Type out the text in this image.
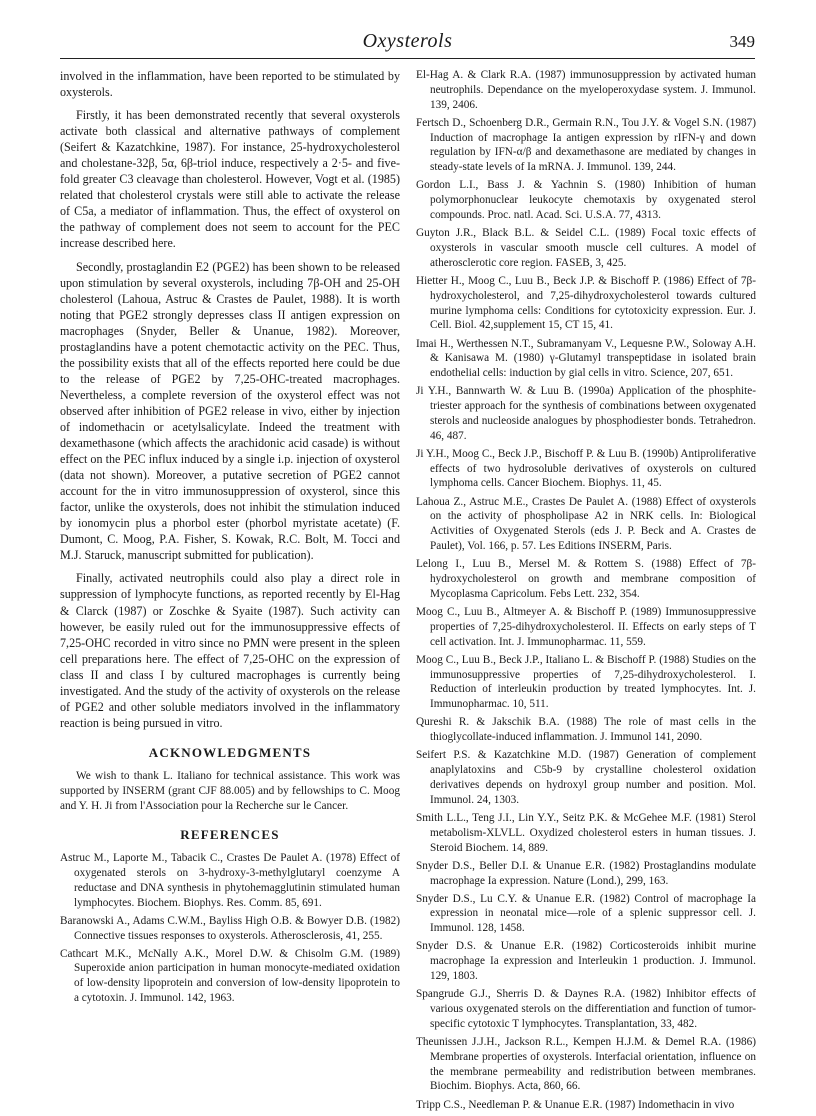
Oxysterols	349

involved in the inflammation, have been reported to be stimulated by oxysterols.

Firstly, it has been demonstrated recently that several oxysterols activate both classical and alternative pathways of complement (Seifert & Kazatchkine, 1987). For instance, 25-hydroxycholesterol and cholestane-32β, 5α, 6β-triol induce, respectively a 2·5- and five-fold greater C3 cleavage than cholesterol. However, Vogt et al. (1985) related that cholesterol crystals were still able to activate the release of C5a, a mediator of inflammation. Thus, the effect of oxysterol on the pathway of complement does not seem to account for the PEC increase described here.

Secondly, prostaglandin E2 (PGE2) has been shown to be released upon stimulation by several oxysterols, including 7β-OH and 25-OH cholesterol (Lahoua, Astruc & Crastes de Paulet, 1988). It is worth noting that PGE2 strongly depresses class II antigen expression on macrophages (Snyder, Beller & Unanue, 1982). Moreover, prostaglandins have a potent chemotactic activity on the PEC. Thus, the possibility exists that all of the effects reported here could be due to the release of PGE2 by 7,25-OHC-treated macrophages. Nevertheless, a complete reversion of the oxysterol effect was not observed after inhibition of PGE2 release in vivo, either by injection of indomethacin or acetylsalicylate. Indeed the treatment with dexamethasone (which affects the arachidonic acid casade) is without effect on the PEC influx induced by a single i.p. injection of oxysterol (data not shown). Moreover, a putative secretion of PGE2 cannot account for the in vitro immunosuppression of oxysterol, since this factor, unlike the oxysterols, does not inhibit the stimulation induced by ionomycin plus a phorbol ester (phorbol myristate acetate) (F. Dumont, C. Moog, P.A. Fisher, S. Kowak, R.C. Bolt, M. Tocci and M.J. Staruck, manuscript submitted for publication).

Finally, activated neutrophils could also play a direct role in suppression of lymphocyte functions, as reported recently by El-Hag & Clarck (1987) or Zoschke & Syaite (1987). Such activity can however, be easily ruled out for the immunosuppressive effects of 7,25-OHC recorded in vitro since no PMN were present in the spleen cell preparations here. The effect of 7,25-OHC on the expression of class II and class I by cultured macrophages is currently being investigated. And the study of the activity of oxysterols on the release of PGE2 and other soluble mediators involved in the inflammatory reaction is being pursued in vitro.

ACKNOWLEDGMENTS
We wish to thank L. Italiano for technical assistance. This work was supported by INSERM (grant CJF 88.005) and by fellowships to C. Moog and Y. H. Ji from l'Association pour la Recherche sur le Cancer.
REFERENCES
Astruc M., Laporte M., Tabacik C., Crastes De Paulet A. (1978) Effect of oxygenated sterols on 3-hydroxy-3-methylglutaryl coenzyme A reductase and DNA synthesis in phytohemagglutinin stimulated human lymphocytes. Biochem. Biophys. Res. Comm. 85, 691.
Baranowski A., Adams C.W.M., Bayliss High O.B. & Bowyer D.B. (1982) Connective tissues responses to oxysterols. Atherosclerosis, 41, 255.
Cathcart M.K., McNally A.K., Morel D.W. & Chisolm G.M. (1989) Superoxide anion participation in human monocyte-mediated oxidation of low-density lipoprotein and conversion of low-density lipoprotein to a cytotoxin. J. Immunol. 142, 1963.
El-Hag A. & Clark R.A. (1987) immunosuppression by activated human neutrophils. Dependance on the myeloperoxydase system. J. Immunol. 139, 2406.
Fertsch D., Schoenberg D.R., Germain R.N., Tou J.Y. & Vogel S.N. (1987) Induction of macrophage Ia antigen expression by rIFN-γ and down regulation by IFN-α/β and dexamethasone are mediated by changes in steady-state levels of Ia mRNA. J. Immunol. 139, 244.
Gordon L.I., Bass J. & Yachnin S. (1980) Inhibition of human polymorphonuclear leukocyte chemotaxis by oxygenated sterol compounds. Proc. natl. Acad. Sci. U.S.A. 77, 4313.
Guyton J.R., Black B.L. & Seidel C.L. (1989) Focal toxic effects of oxysterols in vascular smooth muscle cell cultures. A model of atherosclerotic core region. FASEB, 3, 425.
Hietter H., Moog C., Luu B., Beck J.P. & Bischoff P. (1986) Effect of 7β-hydroxycholesterol, and 7,25-dihydroxycholesterol towards cultured murine lymphoma cells: Conditions for cytotoxicity expression. Eur. J. Cell. Biol. 42,supplement 15, CT 15, 41.
Imai H., Werthessen N.T., Subramanyam V., Lequesne P.W., Soloway A.H. & Kanisawa M. (1980) γ-Glutamyl transpeptidase in isolated brain endothelial cells: induction by gial cells in vitro. Science, 207, 651.
Ji Y.H., Bannwarth W. & Luu B. (1990a) Application of the phosphite-triester approach for the synthesis of combinations between oxygenated sterols and nucleoside analogues by phosphodiester bonds. Tetrahedron. 46, 487.
Ji Y.H., Moog C., Beck J.P., Bischoff P. & Luu B. (1990b) Antiproliferative effects of two hydrosoluble derivatives of oxysterols on cultured lymphoma cells. Cancer Biochem. Biophys. 11, 45.
Lahoua Z., Astruc M.E., Crastes De Paulet A. (1988) Effect of oxysterols on the activity of phospholipase A2 in NRK cells. In: Biological Activities of Oxygenated Sterols (eds J. P. Beck and A. Crastes de Paulet), Vol. 166, p. 57. Les Editions INSERM, Paris.
Lelong I., Luu B., Mersel M. & Rottem S. (1988) Effect of 7β-hydroxycholesterol on growth and membrane composition of Mycoplasma Capricolum. Febs Lett. 232, 354.
Moog C., Luu B., Altmeyer A. & Bischoff P. (1989) Immunosuppressive properties of 7,25-dihydroxycholesterol. II. Effects on early steps of T cell activation. Int. J. Immunopharmac. 11, 559.
Moog C., Luu B., Beck J.P., Italiano L. & Bischoff P. (1988) Studies on the immunosuppressive properties of 7,25-dihydroxycholesterol. I. Reduction of interleukin production by treated lymphocytes. Int. J. Immunopharmac. 10, 511.
Qureshi R. & Jakschik B.A. (1988) The role of mast cells in the thioglycollate-induced inflammation. J. Immunol 141, 2090.
Seifert P.S. & Kazatchkine M.D. (1987) Generation of complement anaplylatoxins and C5b-9 by crystalline cholesterol oxidation derivatives depends on hydroxyl group number and position. Mol. Immunol. 24, 1303.
Smith L.L., Teng J.I., Lin Y.Y., Seitz P.K. & McGehee M.F. (1981) Sterol metabolism-XLVLL. Oxydized cholesterol esters in human tissues. J. Steroid Biochem. 14, 889.
Snyder D.S., Beller D.I. & Unanue E.R. (1982) Prostaglandins modulate macrophage Ia expression. Nature (Lond.), 299, 163.
Snyder D.S., Lu C.Y. & Unanue E.R. (1982) Control of macrophage Ia expression in neonatal mice—role of a splenic suppressor cell. J. Immunol. 128, 1458.
Snyder D.S. & Unanue E.R. (1982) Corticosteroids inhibit murine macrophage Ia expression and Interleukin 1 production. J. Immunol. 129, 1803.
Spangrude G.J., Sherris D. & Daynes R.A. (1982) Inhibitor effects of various oxygenated sterols on the differentiation and function of tumor-specific cytotoxic T lymphocytes. Transplantation, 33, 482.
Theunissen J.J.H., Jackson R.L., Kempen H.J.M. & Demel R.A. (1986) Membrane properties of oxysterols. Interfacial orientation, influence on the membrane permeability and redistribution between membranes. Biochim. Biophys. Acta, 860, 66.
Tripp C.S., Needleman P. & Unanue E.R. (1987) Indomethacin in vivo
